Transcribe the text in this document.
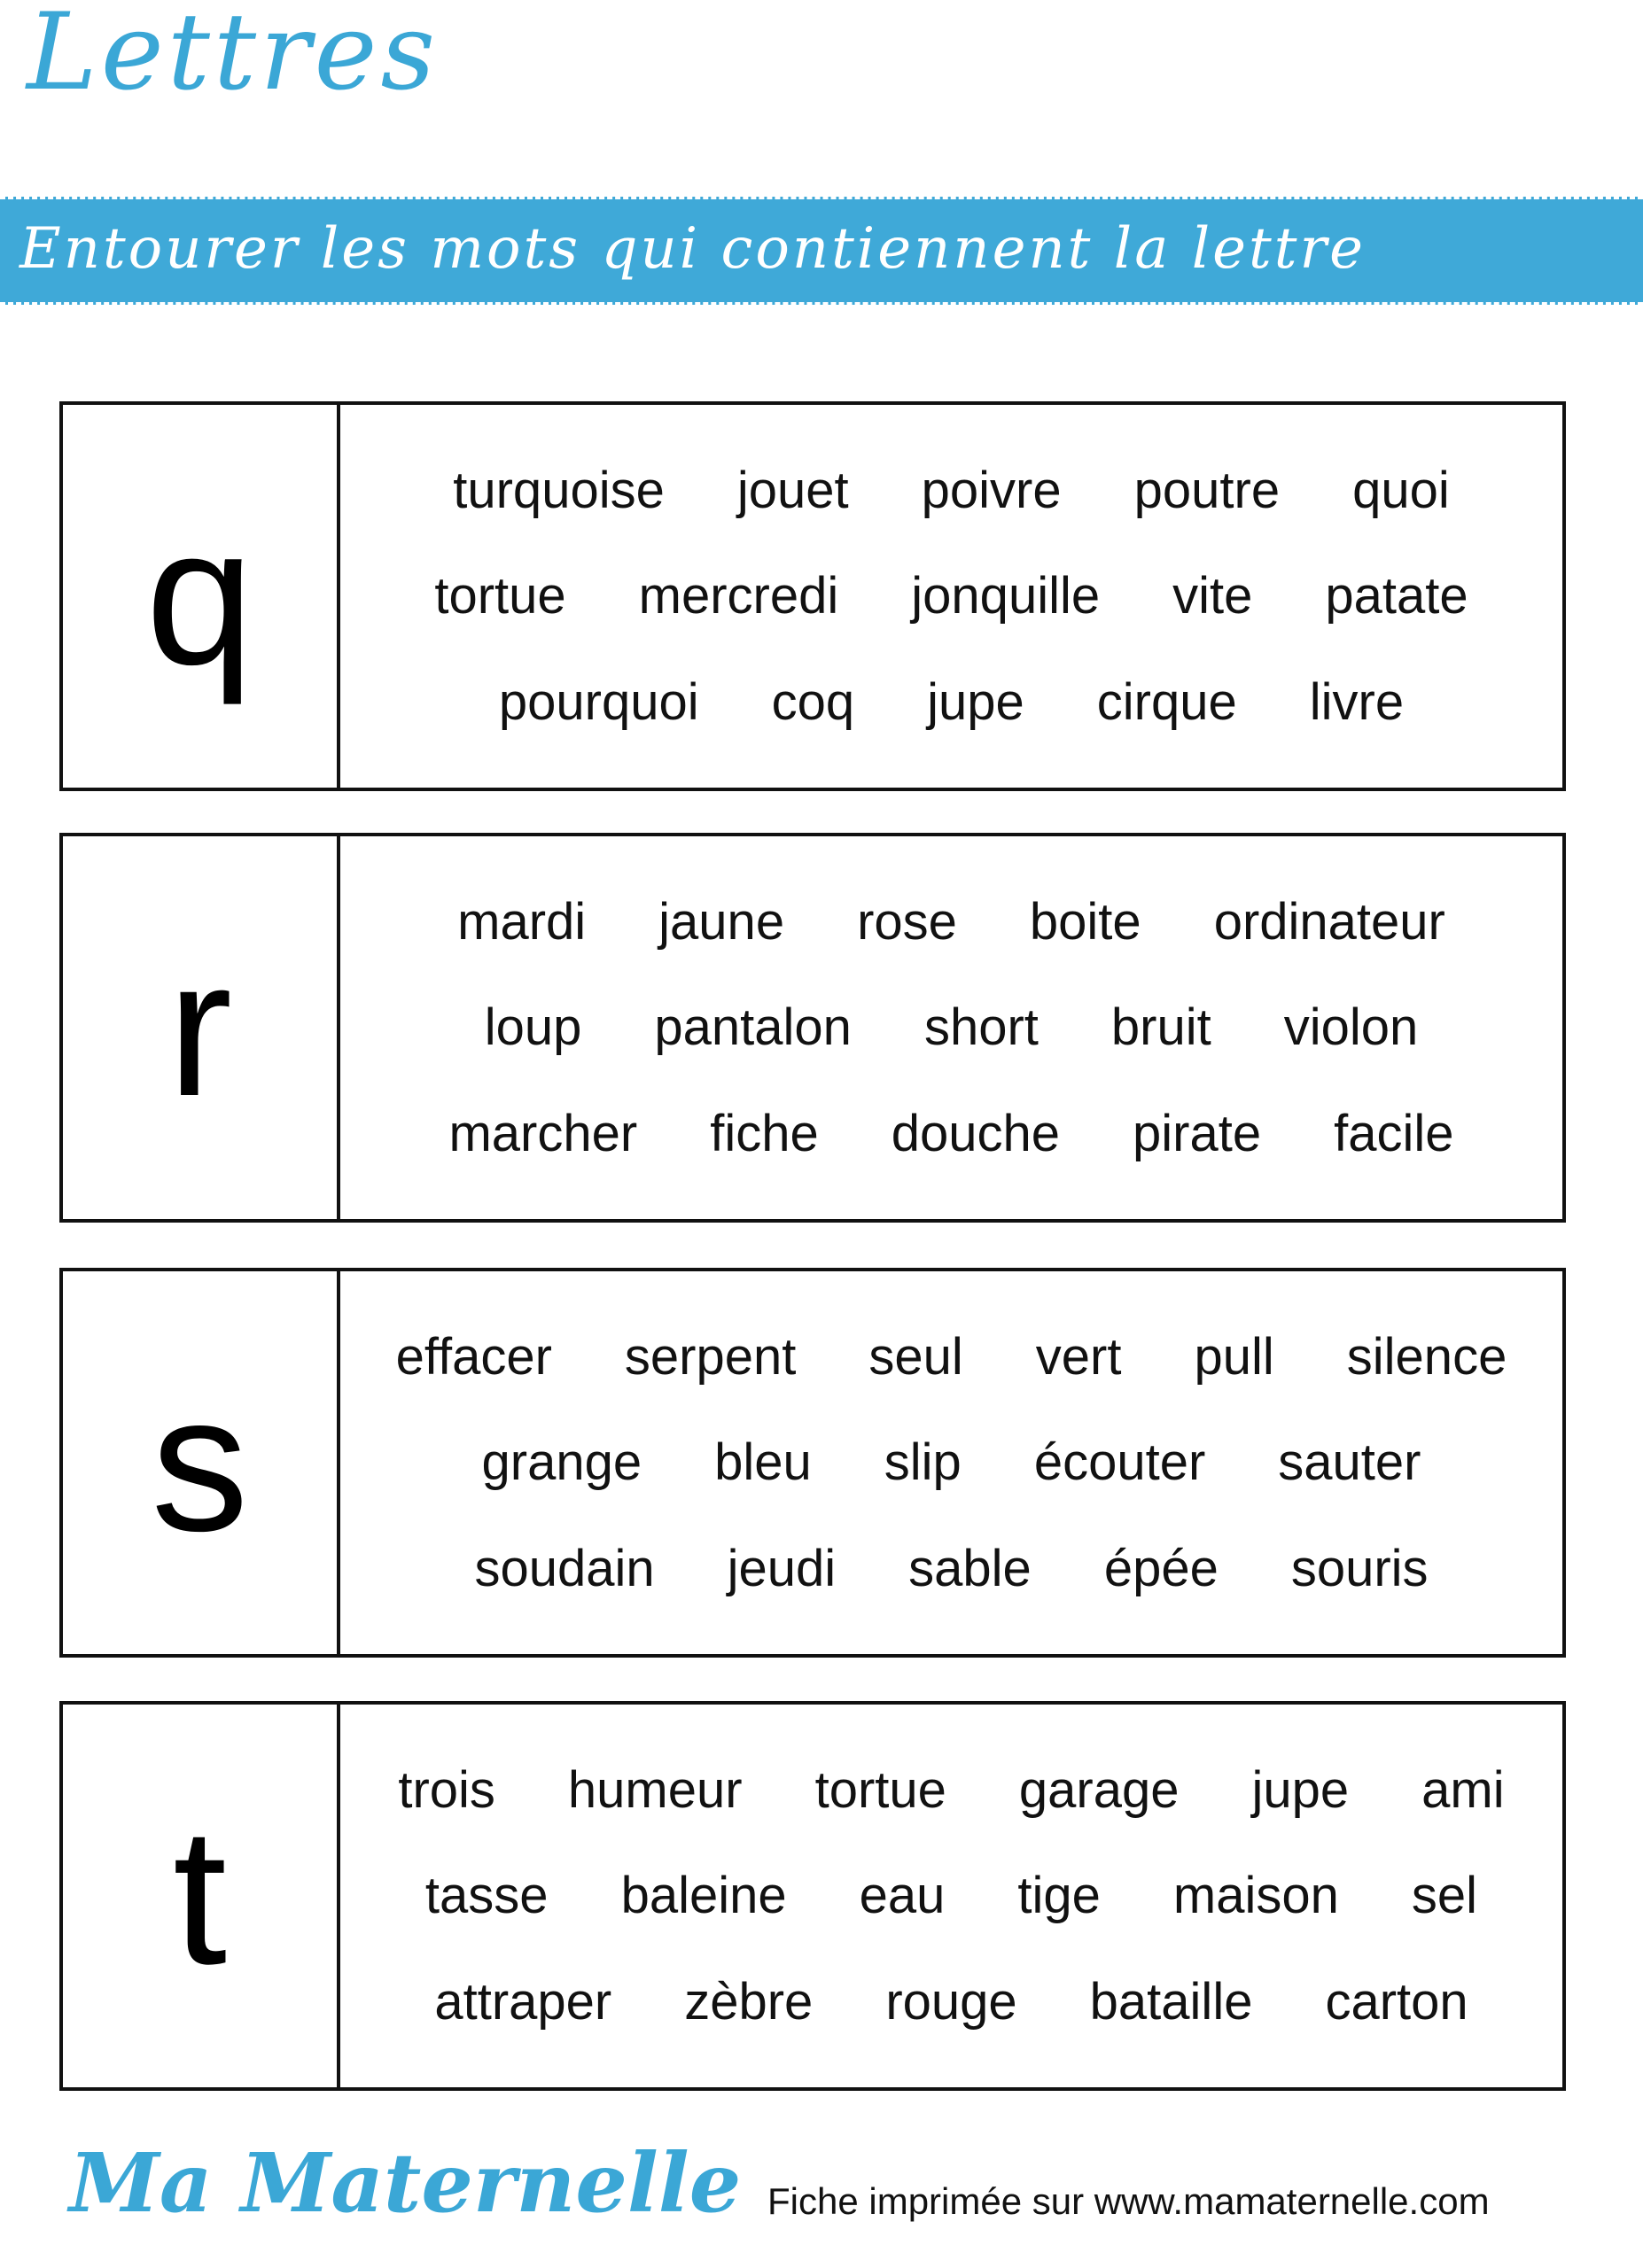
Lettres
Entourer les mots qui contiennent la lettre
q	turquoise jouet poivre poutre quoi
tortue mercredi jonquille vite patate
pourquoi coq jupe cirque livre
r	mardi jaune rose boite ordinateur
loup pantalon short bruit violon
marcher fiche douche pirate facile
s	effacer serpent seul vert pull silence
grange bleu slip écouter sauter
soudain jeudi sable épée souris
t	trois humeur tortue garage jupe ami
tasse baleine eau tige maison sel
attraper zèbre rouge bataille carton
Ma Maternelle Fiche imprimée sur www.mamaternelle.com
